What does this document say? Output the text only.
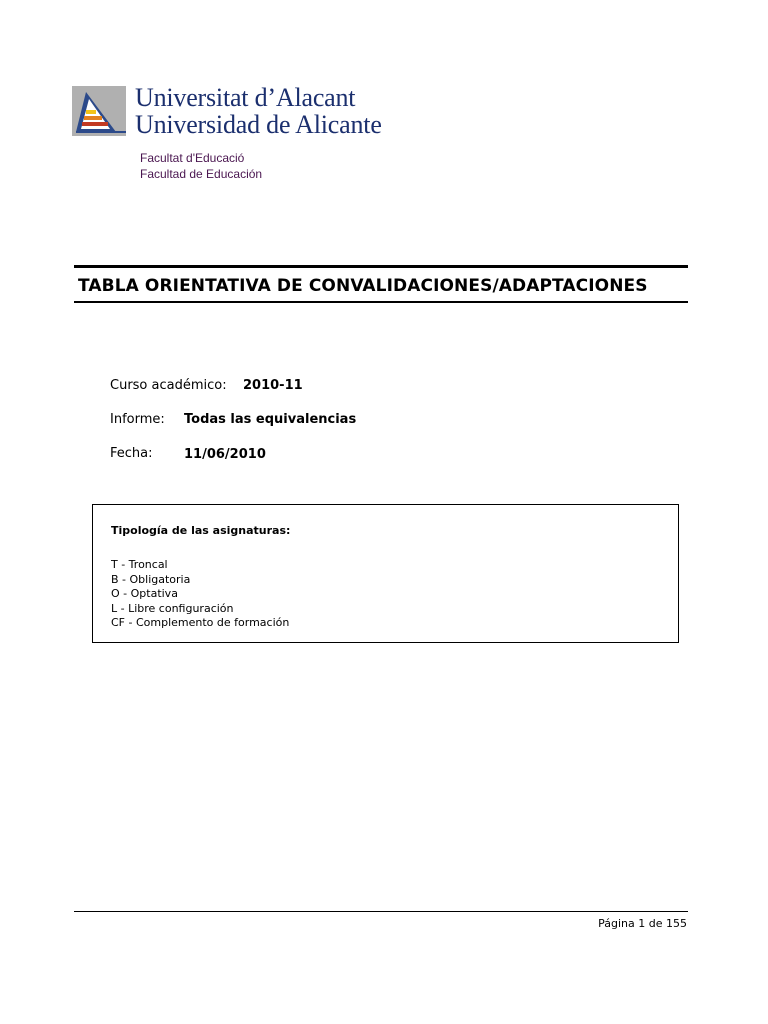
Universitat d’Alacant
Universidad de Alicante
Facultat d'Educació
Facultad de Educación
TABLA ORIENTATIVA DE CONVALIDACIONES/ADAPTACIONES
Curso académico: 2010-11
Informe: Todas las equivalencias
Fecha: 11/06/2010
Tipología de las asignaturas:
T - Troncal
B - Obligatoria
O - Optativa
L - Libre configuración
CF - Complemento de formación
Página 1 de 155
